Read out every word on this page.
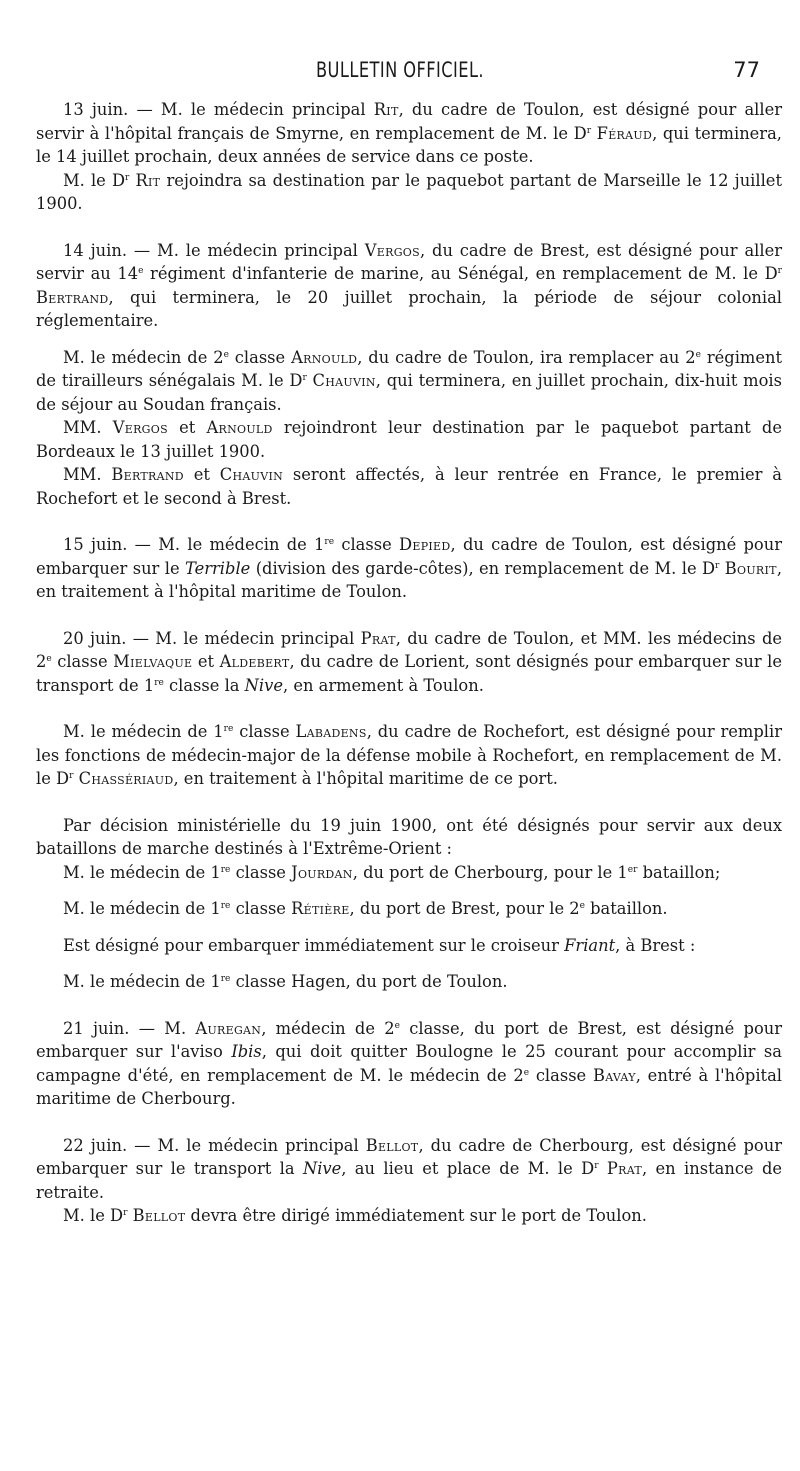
BULLETIN OFFICIEL.	77

13 juin. — M. le médecin principal Rit, du cadre de Toulon, est désigné pour aller servir à l'hôpital français de Smyrne, en remplacement de M. le $D^r$ Féraud, qui terminera, le 14 juillet prochain, deux années de service dans ce poste.

M. le $D^r$ Rit rejoindra sa destination par le paquebot partant de Marseille le 12 juillet 1900.

14 juin. — M. le médecin principal Vergos, du cadre de Brest, est désigné pour aller servir au 14e régiment d'infanterie de marine, au Sénégal, en remplacement de M. le $D^r$ Bertrand, qui terminera, le 20 juillet prochain, la période de séjour colonial réglementaire.

M. le médecin de 2e classe Arnould, du cadre de Toulon, ira remplacer au 2e régiment de tirailleurs sénégalais M. le $D^r$ Chauvin, qui terminera, en juillet prochain, dix-huit mois de séjour au Soudan français.

MM. Vergos et Arnould rejoindront leur destination par le paquebot partant de Bordeaux le 13 juillet 1900.

MM. Bertrand et Chauvin seront affectés, à leur rentrée en France, le premier à Rochefort et le second à Brest.

15 juin. — M. le médecin de 1re classe Depied, du cadre de Toulon, est désigné pour embarquer sur le Terrible (division des garde-côtes), en remplacement de M. le $D^r$ Bourit, en traitement à l'hôpital maritime de Toulon.

20 juin. — M. le médecin principal Prat, du cadre de Toulon, et MM. les médecins de 2e classe Mielvaque et Aldebert, du cadre de Lorient, sont désignés pour embarquer sur le transport de 1re classe la Nive, en armement à Toulon.

M. le médecin de 1re classe Labadens, du cadre de Rochefort, est désigné pour remplir les fonctions de médecin-major de la défense mobile à Rochefort, en remplacement de M. le $D^r$ Chassériaud, en traitement à l'hôpital maritime de ce port.

Par décision ministérielle du 19 juin 1900, ont été désignés pour servir aux deux bataillons de marche destinés à l'Extrême-Orient :

M. le médecin de 1re classe Jourdan, du port de Cherbourg, pour le 1er bataillon;

M. le médecin de 1re classe Rétière, du port de Brest, pour le 2e bataillon.

Est désigné pour embarquer immédiatement sur le croiseur Friant, à Brest :

M. le médecin de 1re classe Hagen, du port de Toulon.

21 juin. — M. Auregan, médecin de 2e classe, du port de Brest, est désigné pour embarquer sur l'aviso Ibis, qui doit quitter Boulogne le 25 courant pour accomplir sa campagne d'été, en remplacement de M. le médecin de 2e classe Bavay, entré à l'hôpital maritime de Cherbourg.

22 juin. — M. le médecin principal Bellot, du cadre de Cherbourg, est désigné pour embarquer sur le transport la Nive, au lieu et place de M. le $D^r$ Prat, en instance de retraite.

M. le $D^r$ Bellot devra être dirigé immédiatement sur le port de Toulon.
